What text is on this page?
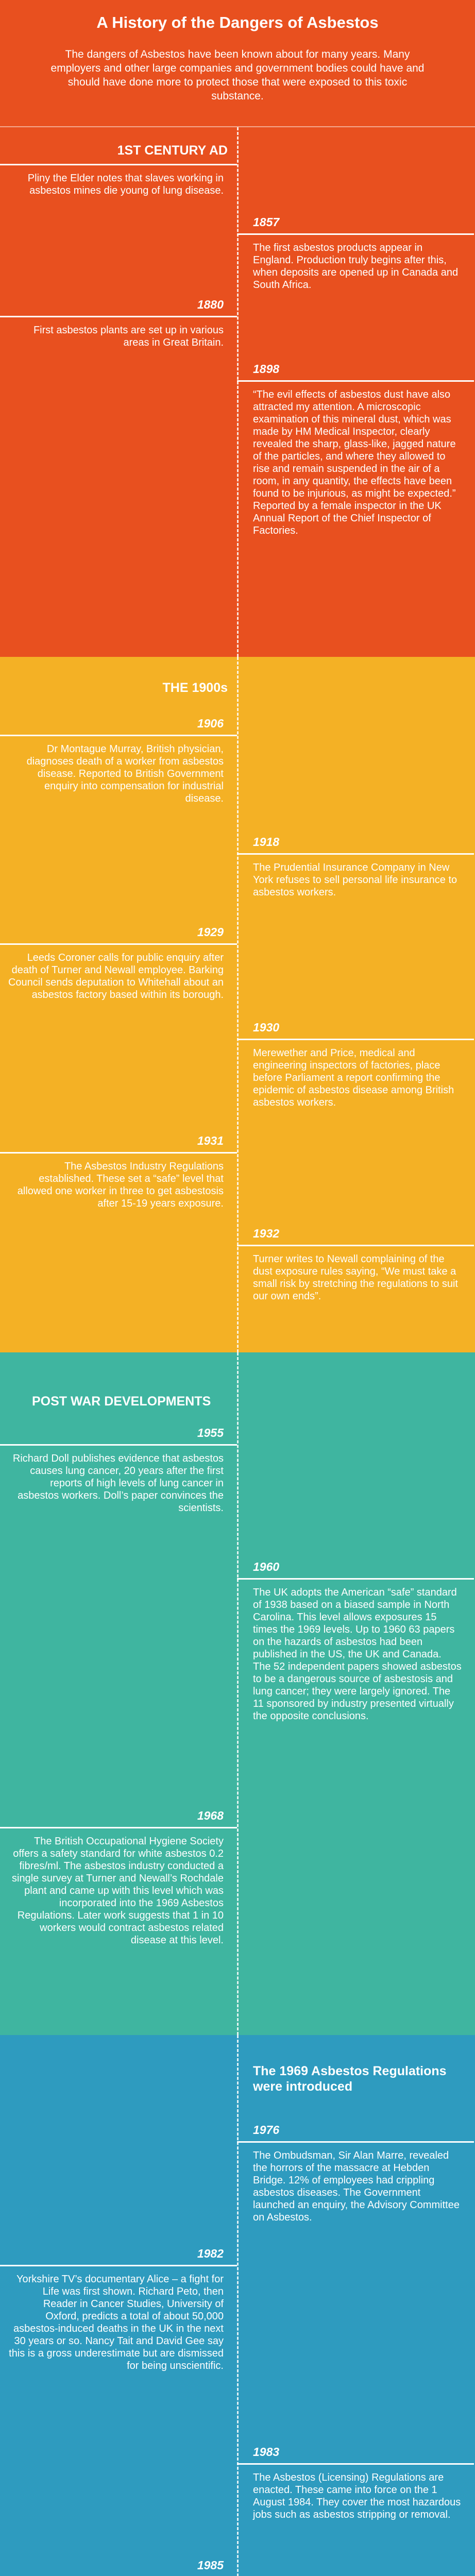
A History of the Dangers of Asbestos

The dangers of Asbestos have been known about for many years. Many employers and other large companies and government bodies could have and should have done more to protect those that were exposed to this toxic substance.

1ST CENTURY AD
Pliny the Elder notes that slaves working in asbestos mines die young of lung disease.
1857
The first asbestos products appear in England. Production truly begins after this, when deposits are opened up in Canada and South Africa.
1880
First asbestos plants are set up in various areas in Great Britain.
1898
“The evil effects of asbestos dust have also attracted my attention. A microscopic examination of this mineral dust, which was made by HM Medical Inspector, clearly revealed the sharp, glass-like, jagged nature of the particles, and where they allowed to rise and remain suspended in the air of a room, in any quantity, the effects have been found to be injurious, as might be expected.” Reported by a female inspector in the UK Annual Report of the Chief Inspector of Factories.
THE 1900s
1906
Dr Montague Murray, British physician, diagnoses death of a worker from asbestos disease. Reported to British Government enquiry into compensation for industrial disease.
1918
The Prudential Insurance Company in New York refuses to sell personal life insurance to asbestos workers.
1929
Leeds Coroner calls for public enquiry after death of Turner and Newall employee. Barking Council sends deputation to Whitehall about an asbestos factory based within its borough.
1930
Merewether and Price, medical and engineering inspectors of factories, place before Parliament a report confirming the epidemic of asbestos disease among British asbestos workers.
1931
The Asbestos Industry Regulations established. These set a “safe” level that allowed one worker in three to get asbestosis after 15-19 years exposure.
1932
Turner writes to Newall complaining of the dust exposure rules saying, “We must take a small risk by stretching the regulations to suit our own ends”.
POST WAR DEVELOPMENTS
1955
Richard Doll publishes evidence that asbestos causes lung cancer, 20 years after the first reports of high levels of lung cancer in asbestos workers. Doll’s paper convinces the scientists.
1960
The UK adopts the American “safe” standard of 1938 based on a biased sample in North Carolina. This level allows exposures 15 times the 1969 levels. Up to 1960 63 papers on the hazards of asbestos had been published in the US, the UK and Canada. The 52 independent papers showed asbestos to be a dangerous source of asbestosis and lung cancer; they were largely ignored. The 11 sponsored by industry presented virtually the opposite conclusions.
1968
The British Occupational Hygiene Society offers a safety standard for white asbestos 0.2 fibres/ml. The asbestos industry conducted a single survey at Turner and Newall’s Rochdale plant and came up with this level which was incorporated into the 1969 Asbestos Regulations. Later work suggests that 1 in 10 workers would contract asbestos related disease at this level.
The 1969 Asbestos Regulations were introduced
1976
The Ombudsman, Sir Alan Marre, revealed the horrors of the massacre at Hebden Bridge. 12% of employees had crippling asbestos diseases. The Government launched an enquiry, the Advisory Committee on Asbestos.
1982
Yorkshire TV’s documentary Alice – a fight for Life was first shown. Richard Peto, then Reader in Cancer Studies, University of Oxford, predicts a total of about 50,000 asbestos-induced deaths in the UK in the next 30 years or so. Nancy Tait and David Gee say this is a gross underestimate but are dismissed for being unscientific.
1983
The Asbestos (Licensing) Regulations are enacted. These came into force on the 1 August 1984. They cover the most hazardous jobs such as asbestos stripping or removal.
1985
